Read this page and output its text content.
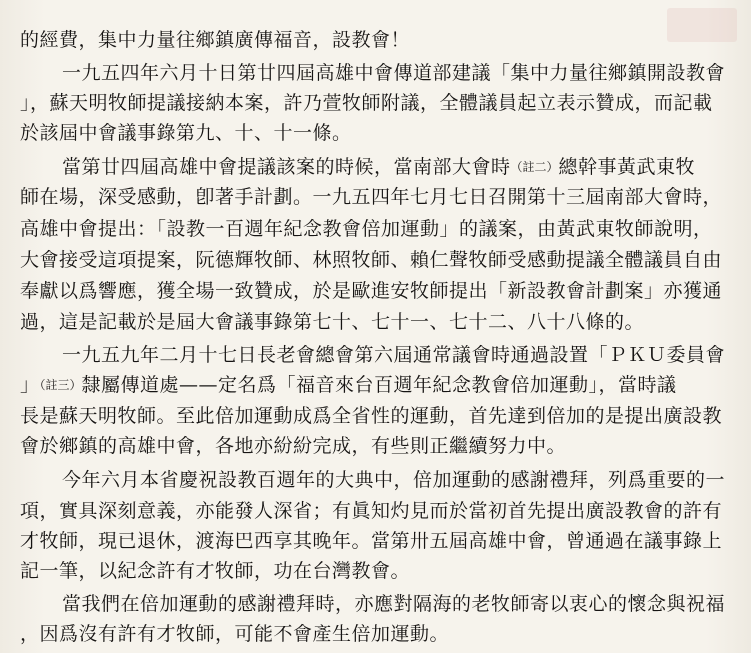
的經費，集中力量往鄉鎮廣傳福音，設教會！
一九五四年六月十日第廿四屆高雄中會傳道部建議「集中力量往鄉鎮開設教會
」，蘇天明牧師提議接納本案，許乃萱牧師附議，全體議員起立表示贊成，而記載
於該屆中會議事錄第九、十、十一條。
當第廿四屆高雄中會提議該案的時候，當南部大會時（註二）總幹事黃武東牧
師在場，深受感動，卽著手計劃。一九五四年七月七日召開第十三屆南部大會時，
高雄中會提出：「設教一百週年紀念教會倍加運動」的議案，由黃武東牧師說明，
大會接受這項提案，阮德輝牧師、林照牧師、賴仁聲牧師受感動提議全體議員自由
奉獻以爲響應，獲全場一致贊成，於是歐進安牧師提出「新設教會計劃案」亦獲通
過，這是記載於是屆大會議事錄第七十、七十一、七十二、八十八條的。
一九五九年二月十七日長老會總會第六屆通常議會時通過設置「ＰＫＵ委員會
」（註三）隸屬傳道處——定名爲「福音來台百週年紀念教會倍加運動」，當時議
長是蘇天明牧師。至此倍加運動成爲全省性的運動，首先達到倍加的是提出廣設教
會於鄉鎮的高雄中會，各地亦紛紛完成，有些則正繼續努力中。
今年六月本省慶祝設教百週年的大典中，倍加運動的感謝禮拜，列爲重要的一
項，實具深刻意義，亦能發人深省；有眞知灼見而於當初首先提出廣設教會的許有
才牧師，現已退休，渡海巴西享其晚年。當第卅五屆高雄中會，曾通過在議事錄上
記一筆，以紀念許有才牧師，功在台灣教會。
當我們在倍加運動的感謝禮拜時，亦應對隔海的老牧師寄以衷心的懷念與祝福
，因爲沒有許有才牧師，可能不會產生倍加運動。
